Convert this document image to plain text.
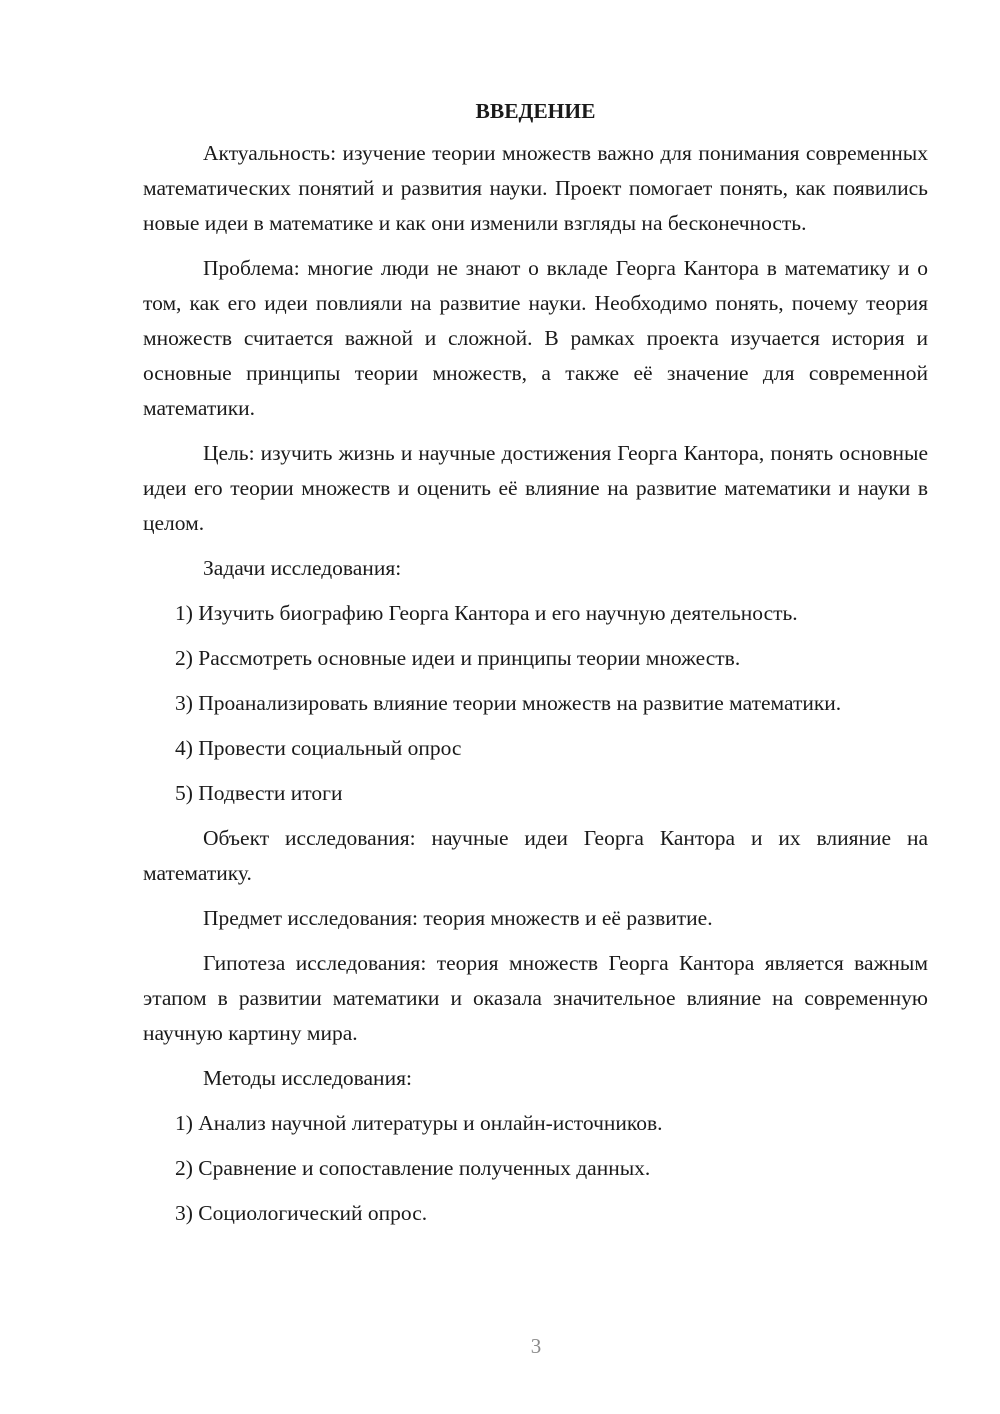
ВВЕДЕНИЕ

Актуальность: изучение теории множеств важно для понимания современных математических понятий и развития науки. Проект помогает понять, как появились новые идеи в математике и как они изменили взгляды на бесконечность.

Проблема: многие люди не знают о вкладе Георга Кантора в математику и о том, как его идеи повлияли на развитие науки. Необходимо понять, почему теория множеств считается важной и сложной. В рамках проекта изучается история и основные принципы теории множеств, а также её значение для современной математики.

Цель: изучить жизнь и научные достижения Георга Кантора, понять основные идеи его теории множеств и оценить её влияние на развитие математики и науки в целом.

Задачи исследования:

1) Изучить биографию Георга Кантора и его научную деятельность.

2) Рассмотреть основные идеи и принципы теории множеств.

3) Проанализировать влияние теории множеств на развитие математики.

4) Провести социальный опрос

5) Подвести итоги

Объект исследования: научные идеи Георга Кантора и их влияние на математику.

Предмет исследования: теория множеств и её развитие.

Гипотеза исследования: теория множеств Георга Кантора является важным этапом в развитии математики и оказала значительное влияние на современную научную картину мира.

Методы исследования:

1) Анализ научной литературы и онлайн-источников.

2) Сравнение и сопоставление полученных данных.

3) Социологический опрос.

3
